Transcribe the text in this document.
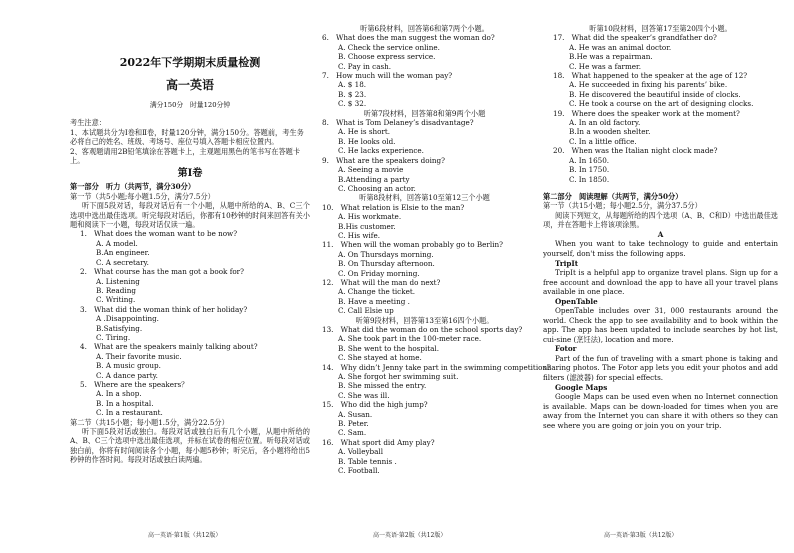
2022年下学期期末质量检测
高一英语
满分150分　时量120分钟
考生注意：
1、本试题共分为Ⅰ卷和Ⅱ卷，时量120分钟，满分150分。答题前，考生务必将自己的姓名、班级、考场号、座位号填入答题卡相应位置内。
2、客观题请用2B铅笔填涂在答题卡上，主观题用黑色的笔书写在答题卡上。
第Ⅰ卷
第一部分　听力（共两节，满分30分）
第一节（共5小题;每小题1.5分，满分7.5分）
听下面5段对话，每段对话后有一个小题，从题中所给的A、B、C三个选项中选出最佳选项。听完每段对话后，你都有10秒钟的时间来回答有关小题和阅读下一小题，每段对话仅读一遍。
1.　What does the woman want to be now?
A. A model.
B.An engineer.
C. A secretary.
2.　What course has the man got a book for?
A. Listening
B. Reading
C. Writing.
3.　What did the woman think of her holiday?
A .Disappointing.
B.Satisfying.
C. Tiring.
4.　What are the speakers mainly talking about?
A. Their favorite music.
B. A music group.
C. A dance party.
5.　Where are the speakers？
A. In a shop.
B. In a hospital.
C. In a restaurant.
第二节（共15小题；每小题1.5分，满分22.5分）
听下面5段对话或独白。每段对话或独白后有几个小题，从题中所给的A、B、C三个选项中选出最佳选项，并标在试卷的相应位置。听每段对话或独白前，你将有时间阅读各个小题，每小题5秒钟；听完后，各小题将给出5秒钟的作答时间。每段对话或独白读两遍。
听第6段材料，回答第6和第7两个小题。
6.　What does the man suggest the woman do?
A. Check the service online.
B. Choose express service.
C. Pay in cash.
7.　How much will the woman pay?
A. $ 18.
B. $ 23.
C. $ 32.
听第7段材料，回答第8和第9两个小题
8.　What is Tom Delaney’s disadvantage?
A. He is short.
B. He looks old.
C. He lacks experience.
9.　What are the speakers doing?
A. Seeing a movie
B.Attending a party
C. Choosing an actor.
听第8段材料，回答第10至第12三个小题
10.　What relation is Elsie to the man?
A. His workmate.
B.His customer.
C. His wife.
11.　When will the woman probably go to Berlin?
A. On Thursdays morning.
B. On Thursday afternoon.
C. On Friday morning.
12.　What will the man do next?
A. Change the ticket.
B. Have a meeting .
C. Call Elsie up
听第9段材料，回答第13至第16四个小题。
13.　What did the woman do on the school sports day?
A. She took part in the 100-meter race.
B. She went to the hospital.
C. She stayed at home.
14.　Why didn’t Jenny take part in the swimming competition?
A. She forgot her swimming suit.
B. She missed the entry.
C. She was ill.
15.　Who did the high jump?
A. Susan.
B. Peter.
C. Sam.
16.　What sport did Amy play?
A. Volleyball
B. Table tennis .
C. Football.
听第10段材料，回答第17至第20四个小题。
17.　What did the speaker’s grandfather do?
A. He was an animal doctor.
B.He was a repairman.
C. He was a farmer.
18.　What happened to the speaker at the age of 12?
A. He succeeded in fixing his parents’ bike.
B. He discovered the beautiful inside of clocks.
C. He took a course on the art of designing clocks.
19.　Where does the speaker work at the moment?
A. In an old factory.
B.In a wooden shelter.
C. In a little office.
20.　When was the Italian night clock made?
A. In 1650.
B. In 1750.
C. In 1850.
第二部分　阅读理解（共两节，满分50分）
第一节（共15小题；每小题2.5分，满分37.5分）
阅读下列短文，从每题所给的四个选项（A、B、C和D）中选出最佳选项，并在答题卡上将该项涂黑。
A
When you want to take technology to guide and entertain yourself, don't miss the following apps.
TripIt
TripIt is a helpful app to organize travel plans. Sign up for a free account and download the app to have all your travel plans available in one place.
OpenTable
OpenTable includes over 31, 000 restaurants around the world. Check the app to see availability and to book within the app. The app has been updated to include searches by hot list, cui-sine (烹饪法), location and more.
Fotor
Part of the fun of traveling with a smart phone is taking and sharing photos. The Fotor app lets you edit your photos and add filters (滤波器) for special effects.
Google Maps
Google Maps can be used even when no Internet connection is available. Maps can be down-loaded for times when you are away from the Internet you can share it with others so they can see where you are going or join you on your trip.
高一英语·第1版（共12版）	高一英语·第2版（共12版）	高一英语·第3版（共12版）
